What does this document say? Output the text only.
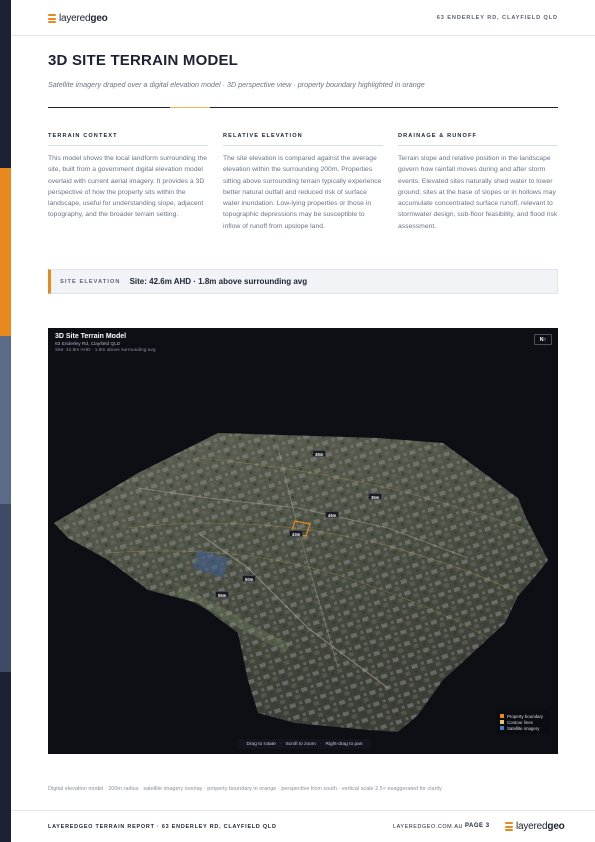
layeredgeo	63 ENDERLEY RD, CLAYFIELD QLD
3D SITE TERRAIN MODEL
Satellite imagery draped over a digital elevation model · 3D perspective view · property boundary highlighted in orange
TERRAIN CONTEXT
This model shows the local landform surrounding the site, built from a government digital elevation model overlaid with current aerial imagery. It provides a 3D perspective of how the property sits within the landscape, useful for understanding slope, adjacent topography, and the broader terrain setting.
RELATIVE ELEVATION
The site elevation is compared against the average elevation within the surrounding 200m. Properties sitting above surrounding terrain typically experience better natural outfall and reduced risk of surface water inundation. Low-lying properties or those in topographic depressions may be susceptible to inflow of runoff from upslope land.
DRAINAGE & RUNOFF
Terrain slope and relative position in the landscape govern how rainfall moves during and after storm events. Elevated sites naturally shed water to lower ground; sites at the base of slopes or in hollows may accumulate concentrated surface runoff, relevant to stormwater design, sub-floor feasibility, and flood risk assessment.
SITE ELEVATION Site: 42.6m AHD · 1.8m above surrounding avg
3D Site Terrain Model
63 Enderley Rd, Clayfield QLD
Site: 42.6m AHD · 1.8m above surrounding avg
N↑
38m
35m
46m
43m
50m
55m
Property boundary
Contour lines
Satellite imagery
Drag to rotate · Scroll to zoom · Right-drag to pan
Digital elevation model · 200m radius · satellite imagery overlay · property boundary in orange · perspective from south · vertical scale 2.5× exaggerated for clarity
LAYEREDGEO TERRAIN REPORT · 63 ENDERLEY RD, CLAYFIELD QLD	LAYEREDGEO.COM.AU PAGE 3	layeredgeo
